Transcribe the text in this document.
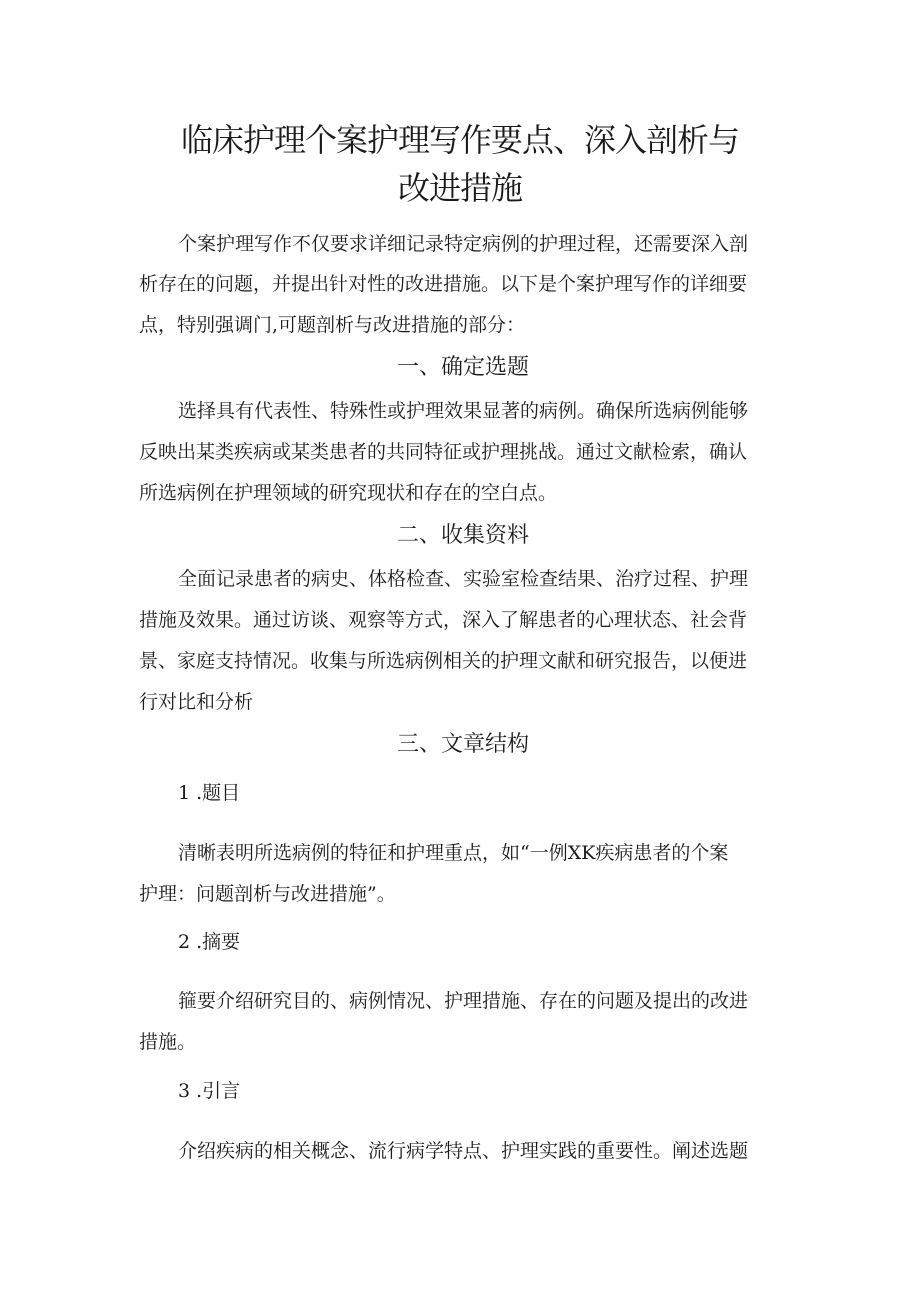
临床护理个案护理写作要点、深入剖析与
改进措施
个案护理写作不仅要求详细记录特定病例的护理过程，还需要深入剖
析存在的问题，并提出针对性的改进措施。以下是个案护理写作的详细要
点，特别强调门,可题剖析与改进措施的部分：
一、确定选题
选择具有代表性、特殊性或护理效果显著的病例。确保所选病例能够
反映出某类疾病或某类患者的共同特征或护理挑战。通过文献检索，确认
所选病例在护理领域的研究现状和存在的空白点。
二、收集资料
全面记录患者的病史、体格检查、实验室检查结果、治疗过程、护理
措施及效果。通过访谈、观察等方式，深入了解患者的心理状态、社会背
景、家庭支持情况。收集与所选病例相关的护理文献和研究报告，以便进
行对比和分析
三、文章结构
1 .题目
清晰表明所选病例的特征和护理重点，如“一例XK疾病患者的个案
护理：问题剖析与改进措施”。
2 .摘要
箍要介绍研究目的、病例情况、护理措施、存在的问题及提出的改进
措施。
3 .引言
介绍疾病的相关概念、流行病学特点、护理实践的重要性。阐述选题
